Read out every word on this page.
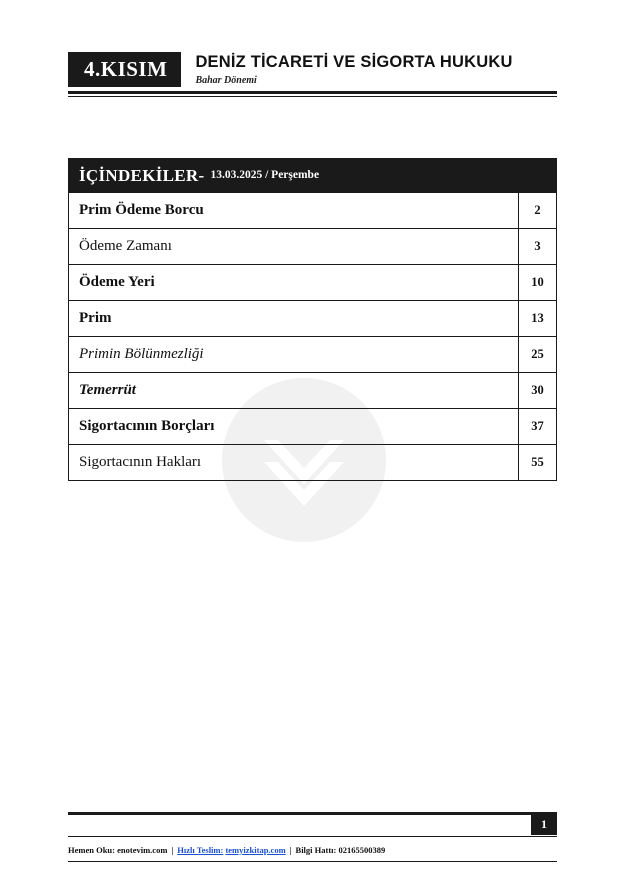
4.KISIM	DENİZ TİCARETİ VE SİGORTA HUKUKU
Bahar Dönemi
İÇİNDEKİLER- 13.03.2025 / Perşembe
Prim Ödeme Borcu	2
Ödeme Zamanı	3
Ödeme Yeri	10
Prim	13
Primin Bölünmezliği	25
Temerrüt	30
Sigortacının Borçları	37
Sigortacının Hakları	55
1
Hemen Oku:
enotevim.com | Hızlı Teslim:
temyizkitap.com | Bilgi Hattı:
02165500389
